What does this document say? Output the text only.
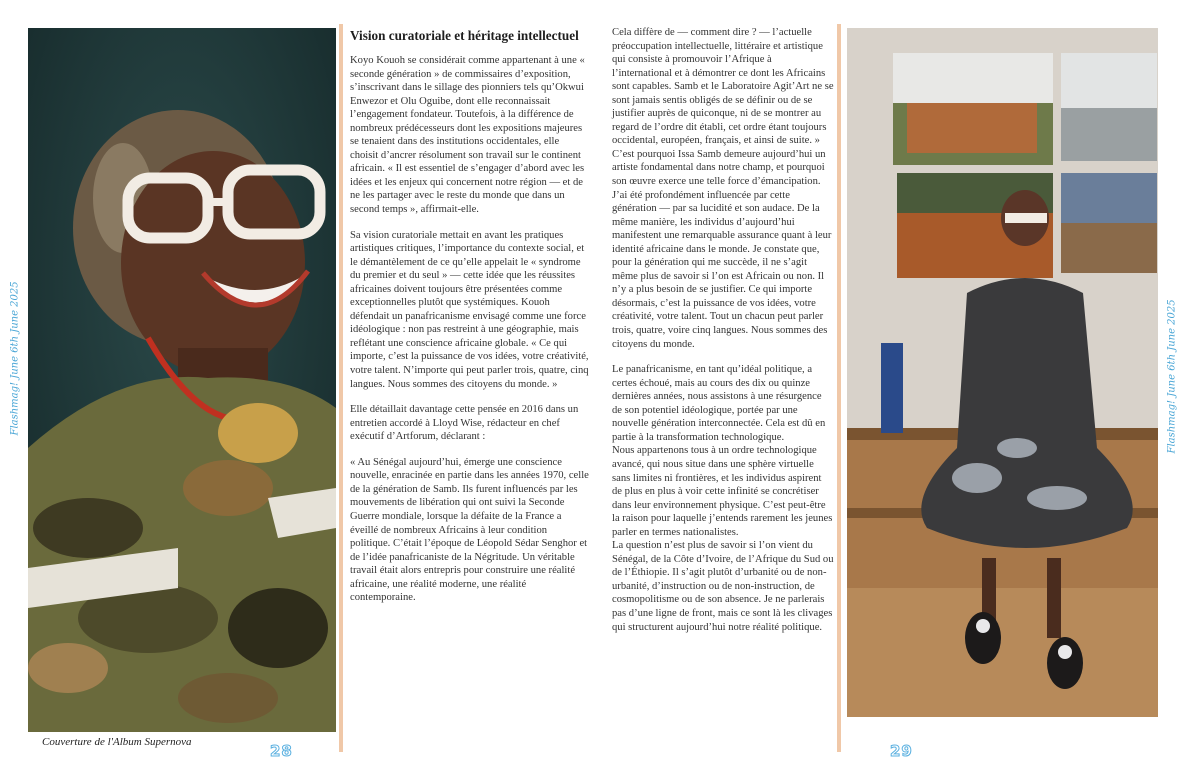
Flashmag! June 6th June 2025
Couverture de l'Album Supernova	28
Vision curatoriale et héritage intellectuel

Koyo Kouoh se considérait comme appartenant à une « seconde génération » de commissaires d’exposition, s’inscrivant dans le sillage des pionniers tels qu’Okwui Enwezor et Olu Oguibe, dont elle reconnaissait l’engagement fondateur. Toutefois, à la différence de nombreux prédécesseurs dont les expositions majeures se tenaient dans des institutions occidentales, elle choisit d’ancrer résolument son travail sur le continent africain. « Il est essentiel de s’engager d’abord avec les idées et les enjeux qui concernent notre région — et de ne les partager avec le reste du monde que dans un second temps », affirmait-elle.

Sa vision curatoriale mettait en avant les pratiques artistiques critiques, l’importance du contexte social, et le démantèlement de ce qu’elle appelait le « syndrome du premier et du seul » — cette idée que les réussites africaines doivent toujours être présentées comme exceptionnelles plutôt que systémiques. Kouoh défendait un panafricanisme envisagé comme une force idéologique : non pas restreint à une géographie, mais reflétant une conscience africaine globale. « Ce qui importe, c’est la puissance de vos idées, votre créativité, votre talent. N’importe qui peut parler trois, quatre, cinq langues. Nous sommes des citoyens du monde. »

Elle détaillait davantage cette pensée en 2016 dans un entretien accordé à Lloyd Wise, rédacteur en chef exécutif d’Artforum, déclarant :

« Au Sénégal aujourd’hui, émerge une conscience nouvelle, enracinée en partie dans les années 1970, celle de la génération de Samb. Ils furent influencés par les mouvements de libération qui ont suivi la Seconde Guerre mondiale, lorsque la défaite de la France a éveillé de nombreux Africains à leur condition politique. C’était l’époque de Léopold Sédar Senghor et de l’idée panafricaniste de la Négritude. Un véritable travail était alors entrepris pour construire une réalité africaine, une réalité moderne, une réalité contemporaine.

Cela diffère de — comment dire ? — l’actuelle préoccupation intellectuelle, littéraire et artistique qui consiste à promouvoir l’Afrique à l’international et à démontrer ce dont les Africains sont capables. Samb et le Laboratoire Agit’Art ne se sont jamais sentis obligés de se définir ou de se justifier auprès de quiconque, ni de se montrer au regard de l’ordre dit établi, cet ordre étant toujours occidental, européen, français, et ainsi de suite. »

C’est pourquoi Issa Samb demeure aujourd’hui un artiste fondamental dans notre champ, et pourquoi son œuvre exerce une telle force d’émancipation.

J’ai été profondément influencée par cette génération — par sa lucidité et son audace. De la même manière, les individus d’aujourd’hui manifestent une remarquable assurance quant à leur identité africaine dans le monde. Je constate que, pour la génération qui me succède, il ne s’agit même plus de savoir si l’on est Africain ou non. Il n’y a plus besoin de se justifier. Ce qui importe désormais, c’est la puissance de vos idées, votre créativité, votre talent. Tout un chacun peut parler trois, quatre, voire cinq langues. Nous sommes des citoyens du monde.

Le panafricanisme, en tant qu’idéal politique, a certes échoué, mais au cours des dix ou quinze dernières années, nous assistons à une résurgence de son potentiel idéologique, portée par une nouvelle génération interconnectée. Cela est dû en partie à la transformation technologique.

Nous appartenons tous à un ordre technologique avancé, qui nous situe dans une sphère virtuelle sans limites ni frontières, et les individus aspirent de plus en plus à voir cette infinité se concrétiser dans leur environnement physique. C’est peut-être la raison pour laquelle j’entends rarement les jeunes parler en termes nationalistes.

La question n’est plus de savoir si l’on vient du Sénégal, de la Côte d’Ivoire, de l’Afrique du Sud ou de l’Éthiopie. Il s’agit plutôt d’urbanité ou de non-urbanité, d’instruction ou de non-instruction, de cosmopolitisme ou de son absence. Je ne parlerais pas d’une ligne de front, mais ce sont là les clivages qui structurent aujourd’hui notre réalité politique.

29
Flashmag! June 6th June 2025
